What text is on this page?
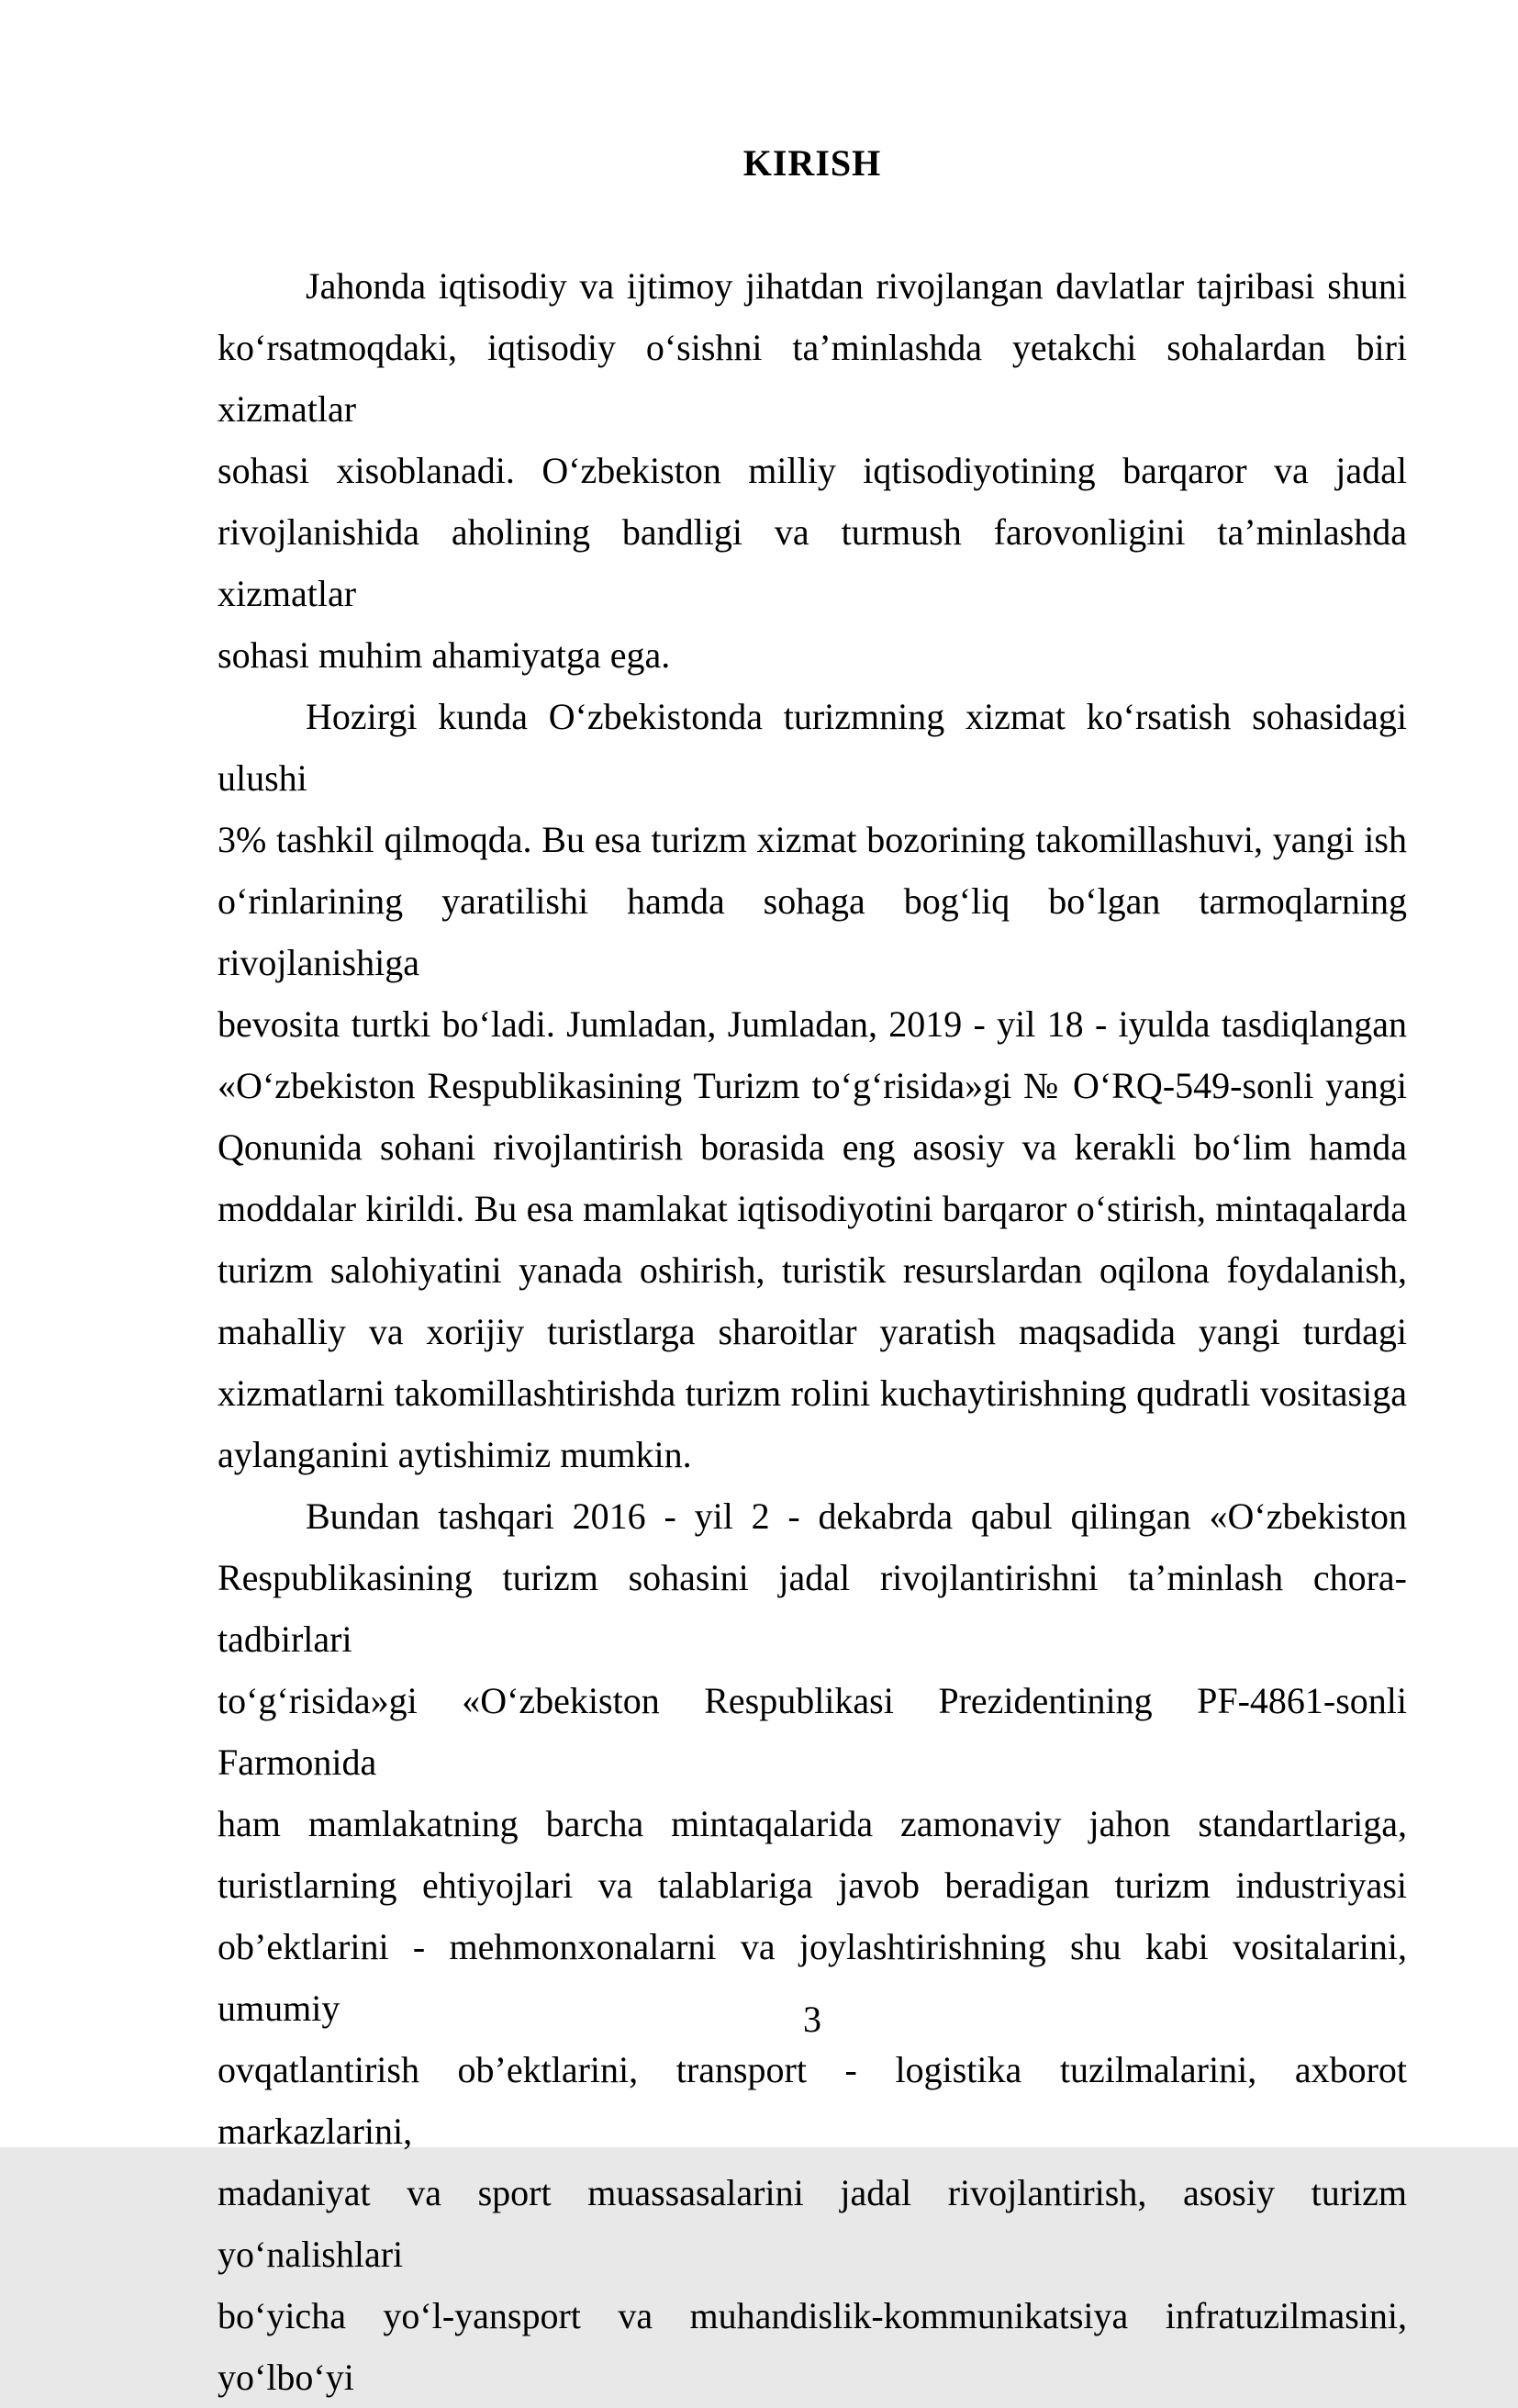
KIRISH
Jahonda iqtisodiy va ijtimoy jihatdan rivojlangan davlatlar tajribasi shuni
ko‘rsatmoqdaki, iqtisodiy o‘sishni ta’minlashda yetakchi sohalardan biri xizmatlar
sohasi xisoblanadi. O‘zbekiston milliy iqtisodiyotining barqaror va jadal
rivojlanishida aholining bandligi va turmush farovonligini ta’minlashda xizmatlar
sohasi muhim ahamiyatga ega.
Hozirgi kunda O‘zbekistonda turizmning xizmat ko‘rsatish sohasidagi ulushi
3% tashkil qilmoqda. Bu esa turizm xizmat bozorining takomillashuvi, yangi ish
o‘rinlarining yaratilishi hamda sohaga bog‘liq bo‘lgan tarmoqlarning rivojlanishiga
bevosita turtki bo‘ladi. Jumladan, Jumladan, 2019 - yil 18 - iyulda tasdiqlangan
«O‘zbekiston Respublikasining Turizm to‘g‘risida»gi № O‘RQ-549-sonli yangi
Qonunida sohani rivojlantirish borasida eng asosiy va kerakli bo‘lim hamda
moddalar kirildi. Bu esa mamlakat iqtisodiyotini barqaror o‘stirish, mintaqalarda
turizm salohiyatini yanada oshirish, turistik resurslardan oqilona foydalanish,
mahalliy va xorijiy turistlarga sharoitlar yaratish maqsadida yangi turdagi
xizmatlarni takomillashtirishda turizm rolini kuchaytirishning qudratli vositasiga
aylanganini aytishimiz mumkin.
Bundan tashqari 2016 - yil 2 - dekabrda qabul qilingan «O‘zbekiston
Respublikasining turizm sohasini jadal rivojlantirishni ta’minlash chora-tadbirlari
to‘g‘risida»gi «O‘zbekiston Respublikasi Prezidentining PF-4861-sonli Farmonida
ham mamlakatning barcha mintaqalarida zamonaviy jahon standartlariga,
turistlarning ehtiyojlari va talablariga javob beradigan turizm industriyasi
ob’ektlarini - mehmonxonalarni va joylashtirishning shu kabi vositalarini, umumiy
ovqatlantirish ob’ektlarini, transport - logistika tuzilmalarini, axborot markazlarini,
madaniyat va sport muassasalarini jadal rivojlantirish, asosiy turizm yo‘nalishlari
bo‘yicha yo‘l-yansport va muhandislik-kommunikatsiya infratuzilmasini, yo‘lbo‘yi
3
